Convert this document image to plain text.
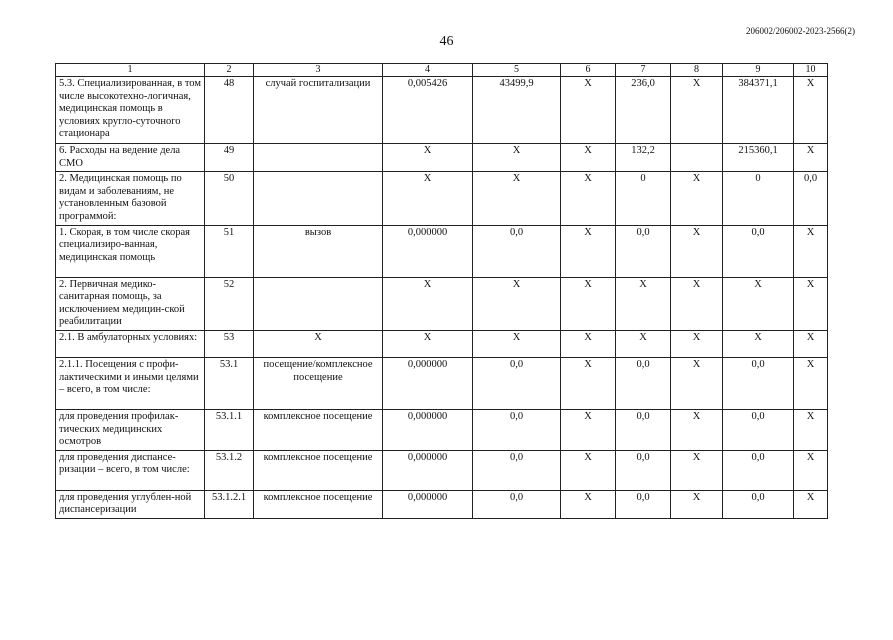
206002/206002-2023-2566(2)
46
1	2	3	4	5	6	7	8	9	10
5.3. Специализированная, в том числе высокотехно-логичная, медицинская помощь в условиях кругло-суточного стационара	48	случай госпитализации	0,005426	43499,9	Х	236,0	Х	384371,1	Х
6. Расходы на ведение дела СМО	49		Х	Х	Х	132,2		215360,1	Х
2. Медицинская помощь по видам и заболеваниям, не установленным базовой программой:	50		Х	Х	Х	0	Х	0	0,0
1. Скорая, в том числе скорая специализиро-ванная, медицинская помощь	51	вызов	0,000000	0,0	Х	0,0	Х	0,0	Х
2. Первичная медико-санитарная помощь, за исключением медицин-ской реабилитации	52		Х	Х	Х	Х	Х	Х	Х
2.1. В амбулаторных условиях:	53	Х	Х	Х	Х	Х	Х	Х	Х
2.1.1. Посещения с профи-лактическими и иными целями – всего, в том числе:	53.1	посещение/комплексное посещение	0,000000	0,0	Х	0,0	Х	0,0	Х
для проведения профилак-тических медицинских осмотров	53.1.1	комплексное посещение	0,000000	0,0	Х	0,0	Х	0,0	Х
для проведения диспансе-ризации – всего, в том числе:	53.1.2	комплексное посещение	0,000000	0,0	Х	0,0	Х	0,0	Х
для проведения углублен-ной диспансеризации	53.1.2.1	комплексное посещение	0,000000	0,0	Х	0,0	Х	0,0	Х
